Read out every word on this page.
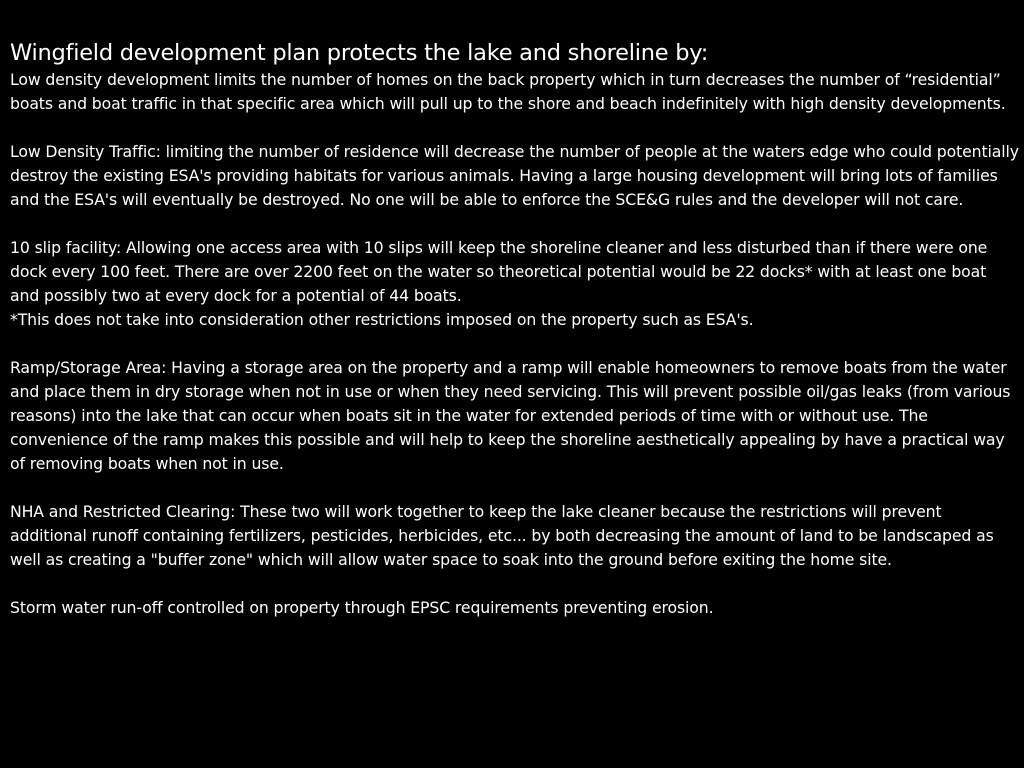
Wingfield development plan protects the lake and shoreline by:

Low density development limits the number of homes on the back property which in turn decreases the number of “residential” boats and boat traffic in that specific area which will pull up to the shore and beach indefinitely with high density developments.

Low Density Traffic: limiting the number of residence will decrease the number of people at the waters edge who could potentially destroy the existing ESA's providing habitats for various animals. Having a large housing development will bring lots of families and the ESA's will eventually be destroyed. No one will be able to enforce the SCE&G rules and the developer will not care.

10 slip facility: Allowing one access area with 10 slips will keep the shoreline cleaner and less disturbed than if there were one dock every 100 feet. There are over 2200 feet on the water so theoretical potential would be 22 docks* with at least one boat and possibly two at every dock for a potential of 44 boats.

*This does not take into consideration other restrictions imposed on the property such as ESA's.

Ramp/Storage Area: Having a storage area on the property and a ramp will enable homeowners to remove boats from the water and place them in dry storage when not in use or when they need servicing. This will prevent possible oil/gas leaks (from various reasons) into the lake that can occur when boats sit in the water for extended periods of time with or without use. The convenience of the ramp makes this possible and will help to keep the shoreline aesthetically appealing by have a practical way of removing boats when not in use.

NHA and Restricted Clearing: These two will work together to keep the lake cleaner because the restrictions will prevent additional runoff containing fertilizers, pesticides, herbicides, etc... by both decreasing the amount of land to be landscaped as well as creating a "buffer zone" which will allow water space to soak into the ground before exiting the home site.

Storm water run-off controlled on property through EPSC requirements preventing erosion.
